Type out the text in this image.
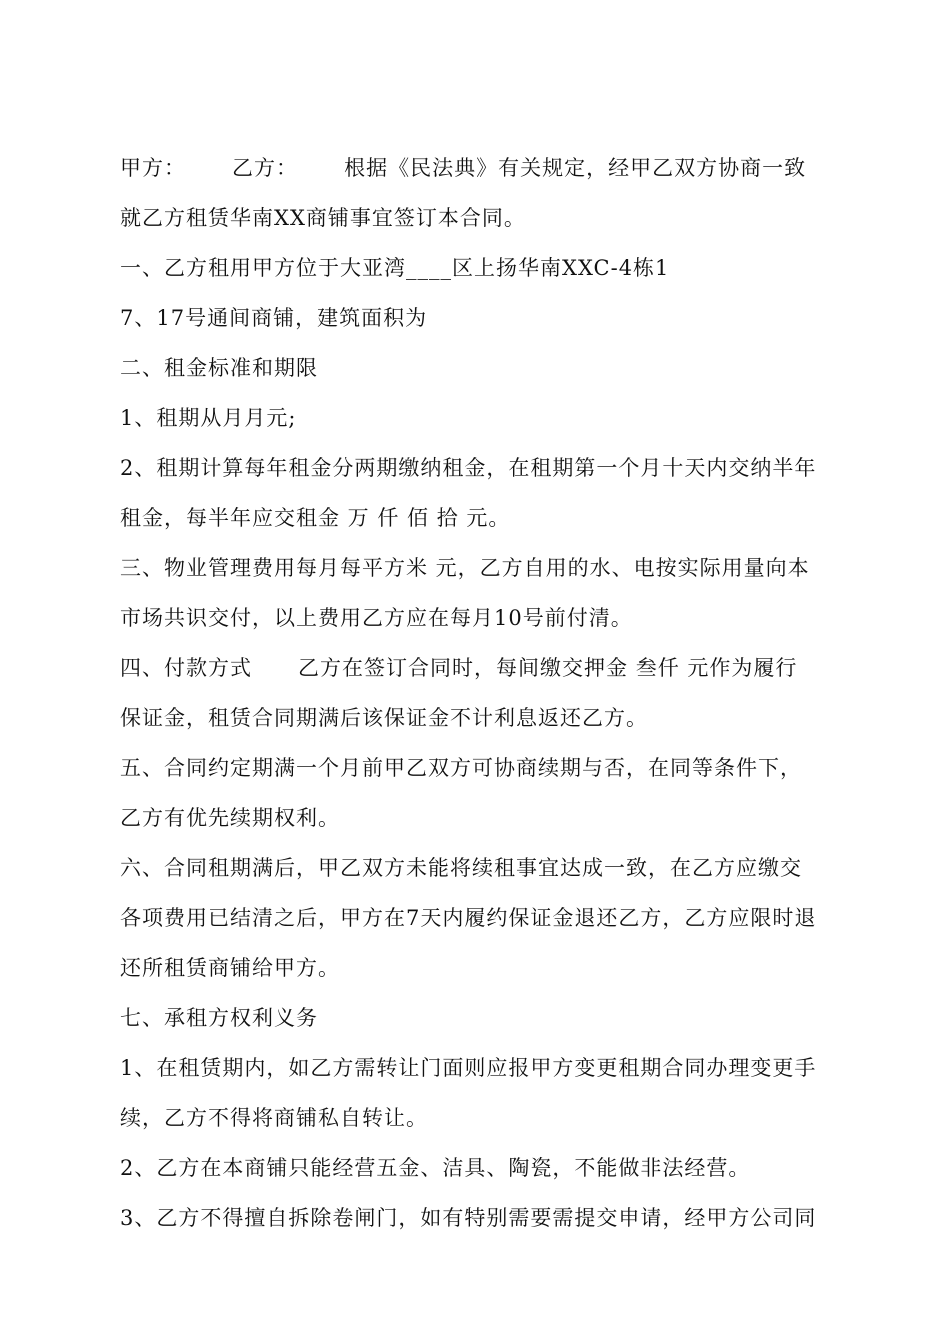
甲方：      乙方：      根据《民法典》有关规定，经甲乙双方协商一致
就乙方租赁华南XX商铺事宜签订本合同。
一、乙方租用甲方位于大亚湾____区上扬华南XXC-4栋1
7、17号通间商铺，建筑面积为
二、租金标准和期限
1、租期从月月元;
2、租期计算每年租金分两期缴纳租金，在租期第一个月十天内交纳半年
租金，每半年应交租金 万 仟 佰 拾 元。
三、物业管理费用每月每平方米 元，乙方自用的水、电按实际用量向本
市场共识交付，以上费用乙方应在每月10号前付清。
四、付款方式      乙方在签订合同时，每间缴交押金 叁仟 元作为履行
保证金，租赁合同期满后该保证金不计利息返还乙方。
五、合同约定期满一个月前甲乙双方可协商续期与否，在同等条件下，
乙方有优先续期权利。
六、合同租期满后，甲乙双方未能将续租事宜达成一致，在乙方应缴交
各项费用已结清之后，甲方在7天内履约保证金退还乙方，乙方应限时退
还所租赁商铺给甲方。
七、承租方权利义务
1、在租赁期内，如乙方需转让门面则应报甲方变更租期合同办理变更手
续，乙方不得将商铺私自转让。
2、乙方在本商铺只能经营五金、洁具、陶瓷，不能做非法经营。
3、乙方不得擅自拆除卷闸门，如有特别需要需提交申请，经甲方公司同
